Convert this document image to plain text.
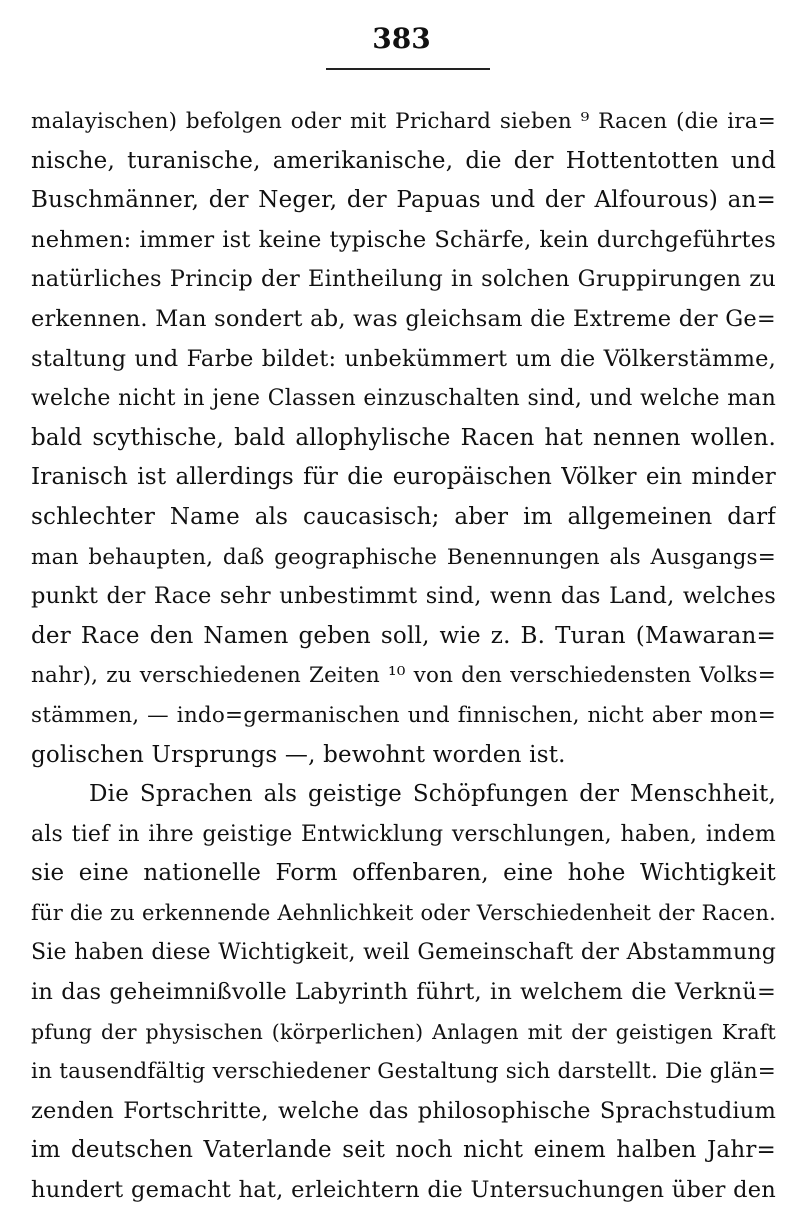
383
malayischen) befolgen oder mit Prichard sieben ⁹ Racen (die ira=
nische, turanische, amerikanische, die der Hottentotten und
Buschmänner, der Neger, der Papuas und der Alfourous) an=
nehmen: immer ist keine typische Schärfe, kein durchgeführtes
natürliches Princip der Eintheilung in solchen Gruppirungen zu
erkennen. Man sondert ab, was gleichsam die Extreme der Ge=
staltung und Farbe bildet: unbekümmert um die Völkerstämme,
welche nicht in jene Classen einzuschalten sind, und welche man
bald scythische, bald allophylische Racen hat nennen wollen.
Iranisch ist allerdings für die europäischen Völker ein minder
schlechter Name als caucasisch; aber im allgemeinen darf
man behaupten, daß geographische Benennungen als Ausgangs=
punkt der Race sehr unbestimmt sind, wenn das Land, welches
der Race den Namen geben soll, wie z. B. Turan (Mawaran=
nahr), zu verschiedenen Zeiten ¹⁰ von den verschiedensten Volks=
stämmen, — indo=germanischen und finnischen, nicht aber mon=
golischen Ursprungs —, bewohnt worden ist.
Die Sprachen als geistige Schöpfungen der Menschheit,
als tief in ihre geistige Entwicklung verschlungen, haben, indem
sie eine nationelle Form offenbaren, eine hohe Wichtigkeit
für die zu erkennende Aehnlichkeit oder Verschiedenheit der Racen.
Sie haben diese Wichtigkeit, weil Gemeinschaft der Abstammung
in das geheimnißvolle Labyrinth führt, in welchem die Verknü=
pfung der physischen (körperlichen) Anlagen mit der geistigen Kraft
in tausendfältig verschiedener Gestaltung sich darstellt. Die glän=
zenden Fortschritte, welche das philosophische Sprachstudium
im deutschen Vaterlande seit noch nicht einem halben Jahr=
hundert gemacht hat, erleichtern die Untersuchungen über den
